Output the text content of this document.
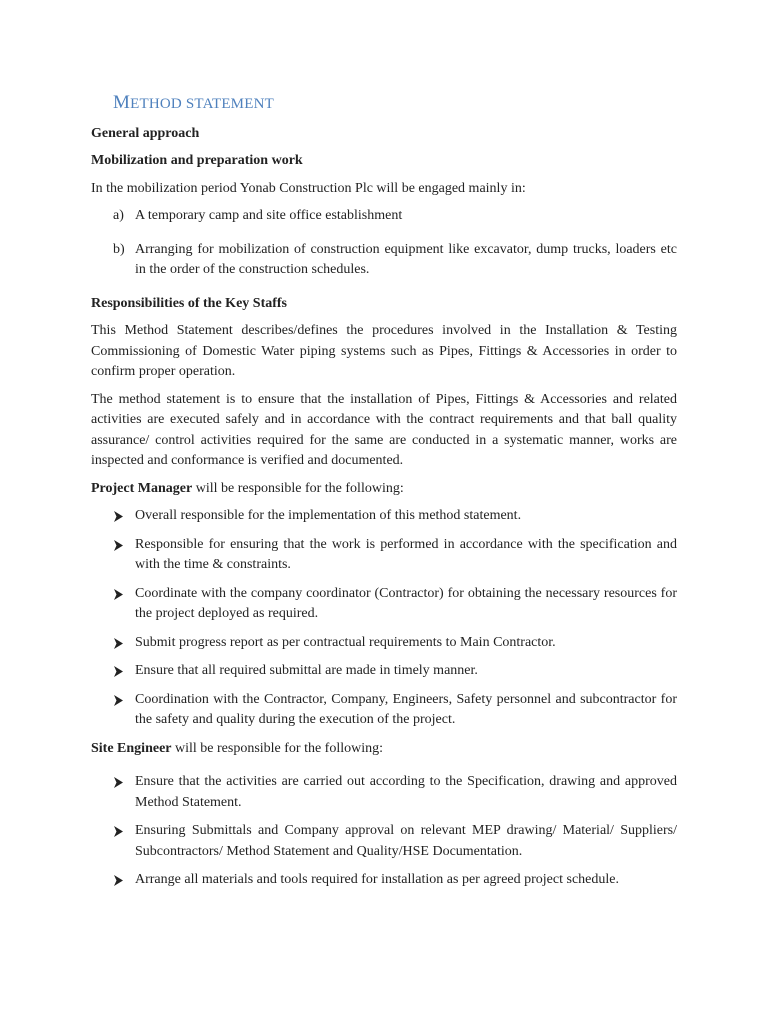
METHOD STATEMENT
General approach
Mobilization and preparation work

In the mobilization period Yonab Construction Plc will be engaged mainly in:

a) A temporary camp and site office establishment
b) Arranging for mobilization of construction equipment like excavator, dump trucks, loaders etc in the order of the construction schedules.
Responsibilities of the Key Staffs

This Method Statement describes/defines the procedures involved in the Installation & Testing Commissioning of Domestic Water piping systems such as Pipes, Fittings & Accessories in order to confirm proper operation.

The method statement is to ensure that the installation of Pipes, Fittings & Accessories and related activities are executed safely and in accordance with the contract requirements and that ball quality assurance/ control activities required for the same are conducted in a systematic manner, works are inspected and conformance is verified and documented.

Project Manager will be responsible for the following:

Overall responsible for the implementation of this method statement.
Responsible for ensuring that the work is performed in accordance with the specification and with the time & constraints.
Coordinate with the company coordinator (Contractor) for obtaining the necessary resources for the project deployed as required.
Submit progress report as per contractual requirements to Main Contractor.
Ensure that all required submittal are made in timely manner.
Coordination with the Contractor, Company, Engineers, Safety personnel and subcontractor for the safety and quality during the execution of the project.

Site Engineer will be responsible for the following:

Ensure that the activities are carried out according to the Specification, drawing and approved Method Statement.
Ensuring Submittals and Company approval on relevant MEP drawing/ Material/ Suppliers/ Subcontractors/ Method Statement and Quality/HSE Documentation.
Arrange all materials and tools required for installation as per agreed project schedule.
